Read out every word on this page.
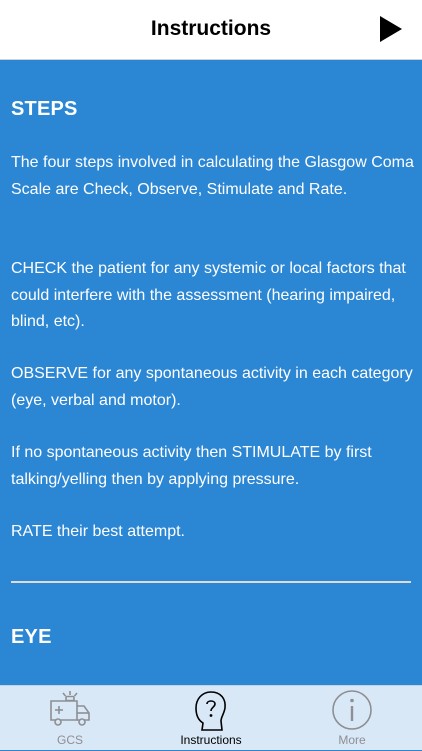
Instructions
STEPS
The four steps involved in calculating the Glasgow Coma Scale are Check, Observe, Stimulate and Rate.
CHECK the patient for any systemic or local factors that could interfere with the assessment (hearing impaired, blind, etc).
OBSERVE for any spontaneous activity in each category (eye, verbal and motor).
If no spontaneous activity then STIMULATE by first talking/yelling then by applying pressure.
RATE their best attempt.
EYE
GCS	Instructions	More
